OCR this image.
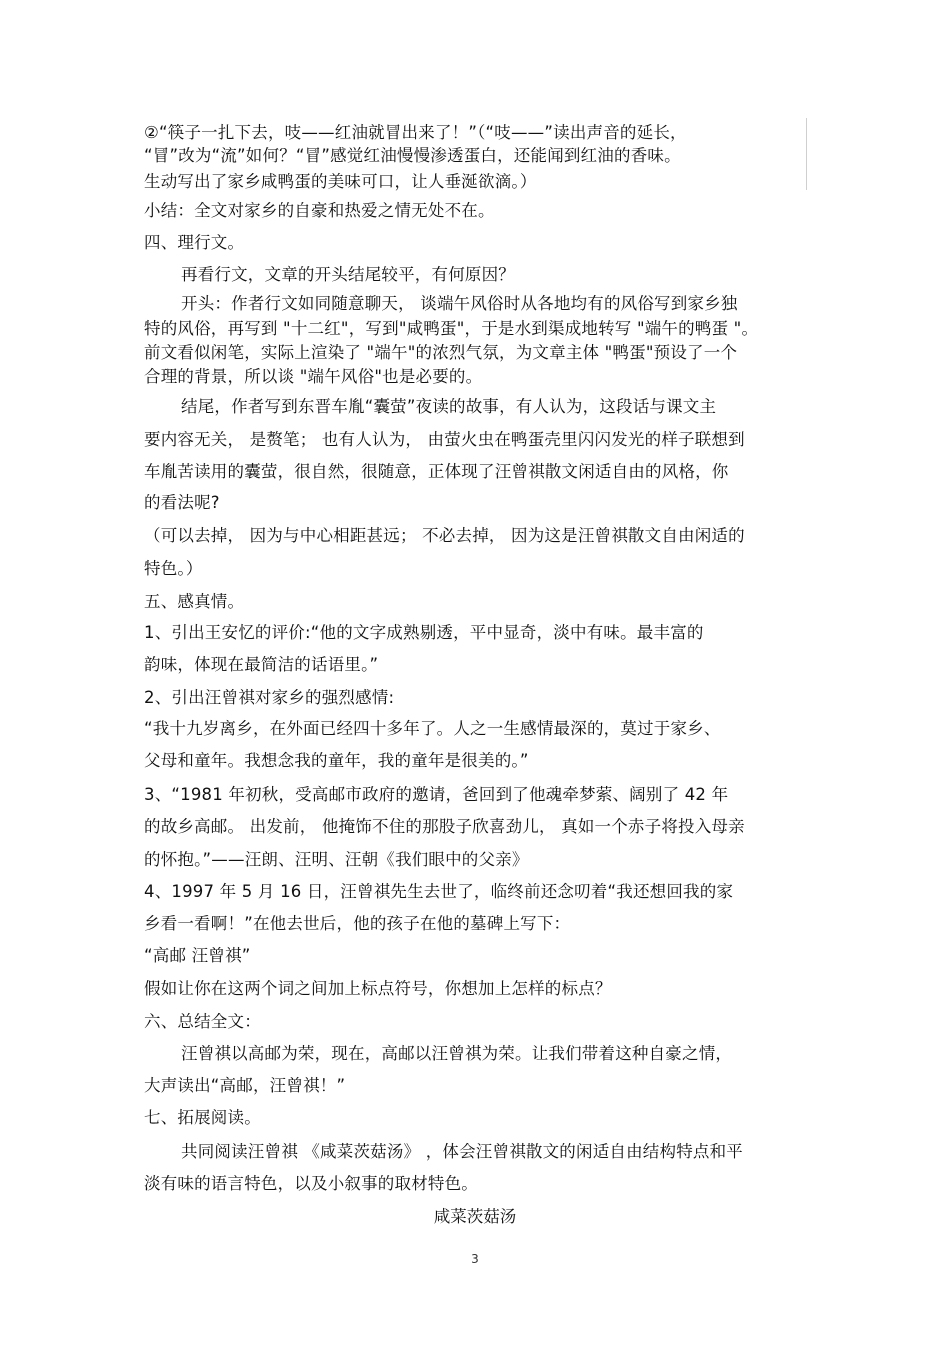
②“筷子一扎下去，吱——红油就冒出来了！”（“吱——”读出声音的延长，
“冒”改为“流”如何？“冒”感觉红油慢慢渗透蛋白，还能闻到红油的香味。
生动写出了家乡咸鸭蛋的美味可口，让人垂涎欲滴。）
小结：全文对家乡的自豪和热爱之情无处不在。
四、理行文。
再看行文，文章的开头结尾较平，有何原因？
开头：作者行文如同随意聊天， 谈端午风俗时从各地均有的风俗写到家乡独
特的风俗，再写到 "十二红"，写到"咸鸭蛋"，于是水到渠成地转写 "端午的鸭蛋 "。
前文看似闲笔，实际上渲染了 "端午"的浓烈气氛，为文章主体 "鸭蛋"预设了一个
合理的背景，所以谈 "端午风俗"也是必要的。
结尾，作者写到东晋车胤“囊萤”夜读的故事，有人认为，这段话与课文主
要内容无关， 是赘笔； 也有人认为， 由萤火虫在鸭蛋壳里闪闪发光的样子联想到
车胤苦读用的囊萤，很自然，很随意，正体现了汪曾祺散文闲适自由的风格，你
的看法呢?
（可以去掉， 因为与中心相距甚远； 不必去掉， 因为这是汪曾祺散文自由闲适的
特色。）
五、感真情。
1、引出王安忆的评价:“他的文字成熟剔透，平中显奇，淡中有味。最丰富的
韵味，体现在最简洁的话语里。”
2、引出汪曾祺对家乡的强烈感情:
“我十九岁离乡，在外面已经四十多年了。人之一生感情最深的，莫过于家乡、
父母和童年。我想念我的童年，我的童年是很美的。”
3、“1981 年初秋，受高邮市政府的邀请，爸回到了他魂牵梦萦、阔别了 42 年
的故乡高邮。 出发前， 他掩饰不住的那股子欣喜劲儿， 真如一个赤子将投入母亲
的怀抱。”——汪朗、汪明、汪朝《我们眼中的父亲》
4、1997 年 5 月 16 日，汪曾祺先生去世了，临终前还念叨着“我还想回我的家
乡看一看啊！”在他去世后，他的孩子在他的墓碑上写下：
“高邮 汪曾祺”
假如让你在这两个词之间加上标点符号，你想加上怎样的标点？
六、总结全文：
汪曾祺以高邮为荣，现在，高邮以汪曾祺为荣。让我们带着这种自豪之情，
大声读出“高邮，汪曾祺！”
七、拓展阅读。
共同阅读汪曾祺 《咸菜茨菇汤》 ，体会汪曾祺散文的闲适自由结构特点和平
淡有味的语言特色，以及小叙事的取材特色。
咸菜茨菇汤
3
